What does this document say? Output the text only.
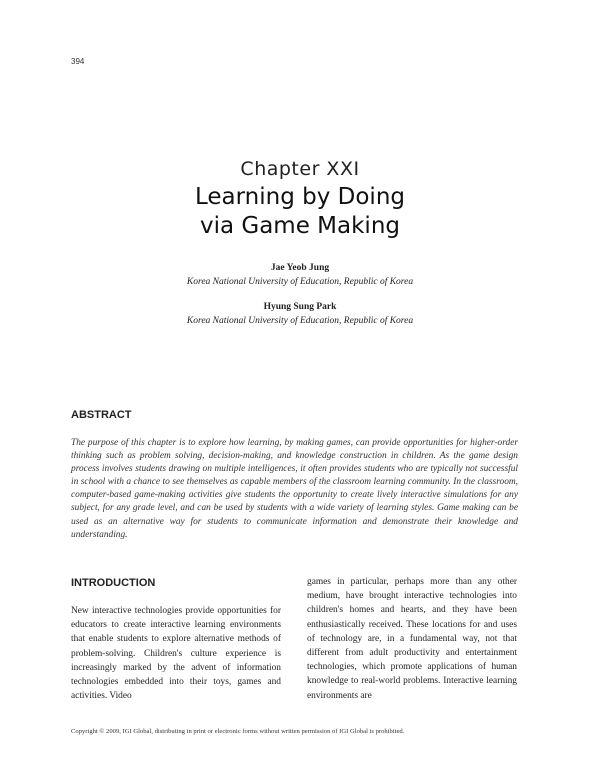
394
Chapter XXI
Learning by Doing
via Game Making
Jae Yeob Jung
Korea National University of Education, Republic of Korea
Hyung Sung Park
Korea National University of Education, Republic of Korea
ABSTRACT
The purpose of this chapter is to explore how learning, by making games, can provide opportunities for higher-order thinking such as problem solving, decision-making, and knowledge construction in children. As the game design process involves students drawing on multiple intelligences, it often provides students who are typically not successful in school with a chance to see themselves as capable members of the classroom learning community. In the classroom, computer-based game-making activities give students the opportunity to create lively interactive simulations for any subject, for any grade level, and can be used by students with a wide variety of learning styles. Game making can be used as an alternative way for students to communicate information and demonstrate their knowledge and understanding.
INTRODUCTION
New interactive technologies provide opportunities for educators to create interactive learning environments that enable students to explore alternative methods of problem-solving. Children's culture experience is increasingly marked by the advent of information technologies embedded into their toys, games and activities. Video
games in particular, perhaps more than any other medium, have brought interactive technologies into children's homes and hearts, and they have been enthusiastically received. These locations for and uses of technology are, in a fundamental way, not that different from adult productivity and entertainment technologies, which promote applications of human knowledge to real-world problems. Interactive learning environments are
Copyright © 2009, IGI Global, distributing in print or electronic forms without written permission of IGI Global is prohibited.
